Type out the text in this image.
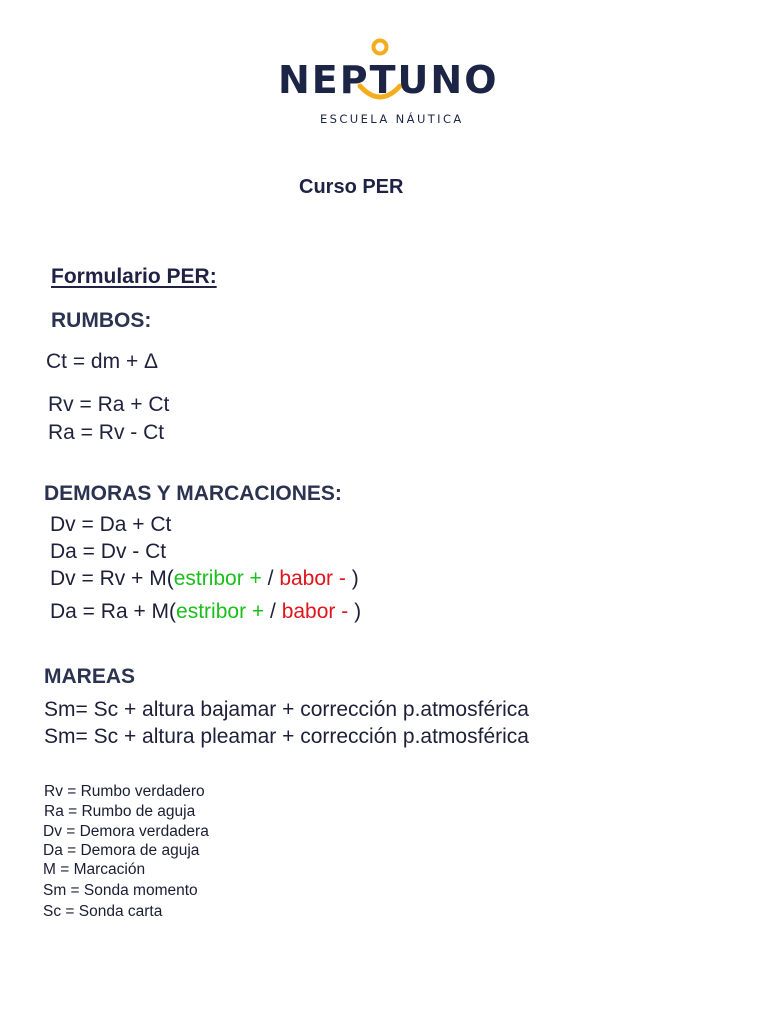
NEPTUNO
ESCUELA NÁUTICA
Curso PER
Formulario PER:
RUMBOS:
Ct = dm + Δ
Rv = Ra + Ct
Ra = Rv - Ct
DEMORAS Y MARCACIONES:
Dv = Da + Ct
Da = Dv - Ct
Dv = Rv + M(estribor + / babor - )
Da = Ra + M(estribor + / babor - )
MAREAS
Sm= Sc + altura bajamar + corrección p.atmosférica
Sm= Sc + altura pleamar + corrección p.atmosférica
Rv = Rumbo verdadero
Ra = Rumbo de aguja
Dv = Demora verdadera
Da = Demora de aguja
M = Marcación
Sm = Sonda momento
Sc = Sonda carta
